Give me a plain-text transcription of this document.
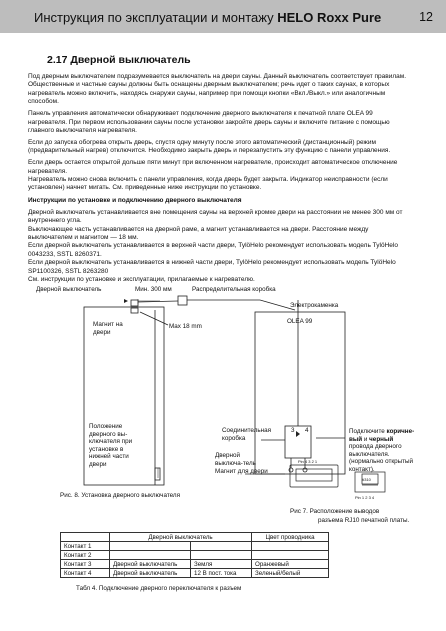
Инструкция по эксплуатации и монтажу HELO Roxx Pure	12
2.17 Дверной выключатель

Под дверным выключателем подразумевается выключатель на двери сауны. Данный выключатель соответствует правилам. Общественные и частные сауны должны быть оснащены дверным выключателем; речь идет о таких саунах, в которых нагреватель можно включить, находясь снаружи сауны, например при помощи кнопки «Вкл./Выкл.» или аналогичным способом.

Панель управления автоматически обнаруживает подключение дверного выключателя к печатной плате OLEA 99 нагревателя. При первом использовании сауны после установки закройте дверь сауны и включите питание с помощью главного выключателя нагревателя.

Если до запуска обогрева открыть дверь, спустя одну минуту после этого автоматический (дистанционный) режим (предварительный нагрев) отключится. Необходимо закрыть дверь и перезапустить эту функцию с панели управления.

Если дверь остается открытой дольше пяти минут при включенном нагревателе, происходит автоматическое отключение нагревателя.

Нагреватель можно снова включить с панели управления, когда дверь будет закрыта. Индикатор неисправности (если установлен) начнет мигать. См. приведенные ниже инструкции по установке.

Инструкции по установке и подключению дверного выключателя

Дверной выключатель устанавливается вне помещения сауны на верхней кромке двери на расстоянии не менее 300 мм от внутреннего угла.

Выключающее часть устанавливается на дверной раме, а магнит устанавливается на двери. Расстояние между выключателем и магнитом — 18 мм.

Если дверной выключатель устанавливается в верхней части двери, TylöHelo рекомендует использовать модель TylöHelo 0043233, SSTL 8260371.

Если дверной выключатель устанавливается в нижней части двери, TylöHelo рекомендует использовать модель TylöHelo SP1100326, SSTL 8263280

См. инструкции по установке и эксплуатации, прилагаемые к нагревателю.

Дверной выключатель	Мин. 300 мм	Распределительная коробка
Электрокаменка
Магнит на двери
Max 18 mm
OLEA 99
Положение дверного вы-ключателя при установке в нижней части двери
Соединительная коробка
Дверной выключа-тель
Магнит для двери
3 4	Подключите коричне-вый и черный провода дверного выключателя. (нормально открытый контакт).
Рис. 8. Установка дверного выключателя
Pin 4 3 2 1
#310
Pin 1 2 3 4
Рис 7. Расположение выводов
разъема RJ10 печатной платы.
	Дверной выключатель		Цвет проводника
Контакт 1			
Контакт 2			
Контакт 3	Дверной выключатель	Земля	Оранжевый
Контакт 4	Дверной выключатель	12 В пост. тока	Зеленый/белый
Табл 4. Подключение дверного переключателя к разъем
